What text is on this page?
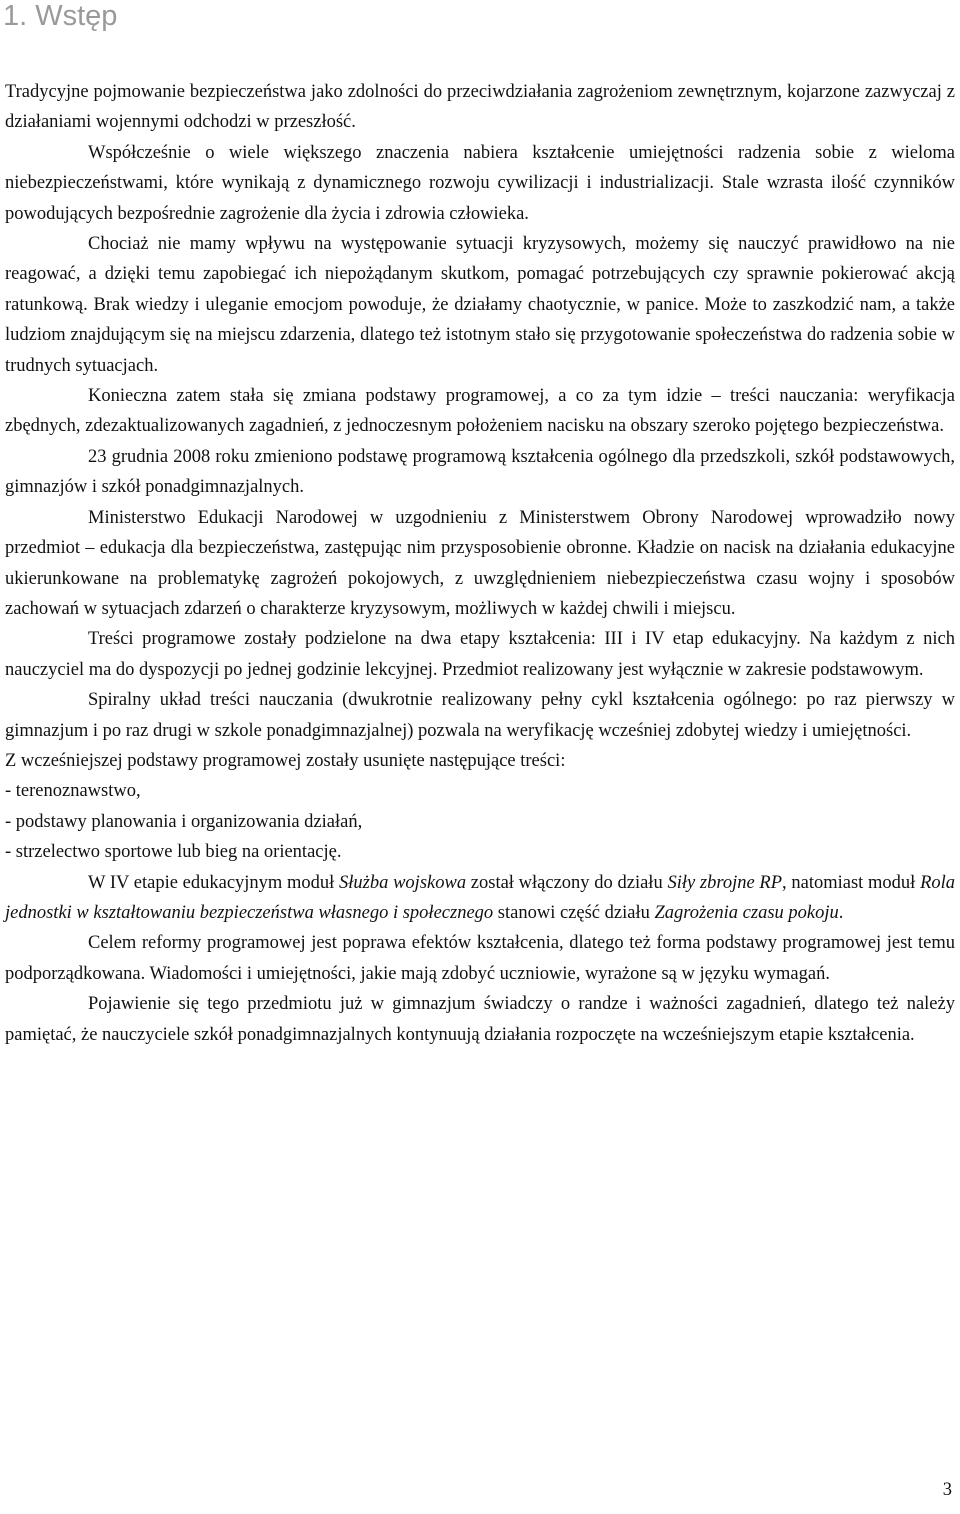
1. Wstęp

Tradycyjne pojmowanie bezpieczeństwa jako zdolności do przeciwdziałania zagrożeniom zewnętrznym, kojarzone zazwyczaj z działaniami wojennymi odchodzi w przeszłość.

Współcześnie o wiele większego znaczenia nabiera kształcenie umiejętności radzenia sobie z wieloma niebezpieczeństwami, które wynikają z dynamicznego rozwoju cywilizacji i industrializacji. Stale wzrasta ilość czynników powodujących bezpośrednie zagrożenie dla życia i zdrowia człowieka.

Chociaż nie mamy wpływu na występowanie sytuacji kryzysowych, możemy się nauczyć prawidłowo na nie reagować, a dzięki temu zapobiegać ich niepożądanym skutkom, pomagać potrzebujących czy sprawnie pokierować akcją ratunkową. Brak wiedzy i uleganie emocjom powoduje, że działamy chaotycznie, w panice. Może to zaszkodzić nam, a także ludziom znajdującym się na miejscu zdarzenia, dlatego też istotnym stało się przygotowanie społeczeństwa do radzenia sobie w trudnych sytuacjach.

Konieczna zatem stała się zmiana podstawy programowej, a co za tym idzie – treści nauczania: weryfikacja zbędnych, zdezaktualizowanych zagadnień, z jednoczesnym położeniem nacisku na obszary szeroko pojętego bezpieczeństwa.

23 grudnia 2008 roku zmieniono podstawę programową kształcenia ogólnego dla przedszkoli, szkół podstawowych, gimnazjów i szkół ponadgimnazjalnych.

Ministerstwo Edukacji Narodowej w uzgodnieniu z Ministerstwem Obrony Narodowej wprowadziło nowy przedmiot – edukacja dla bezpieczeństwa, zastępując nim przysposobienie obronne. Kładzie on nacisk na działania edukacyjne ukierunkowane na problematykę zagrożeń pokojowych, z uwzględnieniem niebezpieczeństwa czasu wojny i sposobów zachowań w sytuacjach zdarzeń o charakterze kryzysowym, możliwych w każdej chwili i miejscu.

Treści programowe zostały podzielone na dwa etapy kształcenia: III i IV etap edukacyjny. Na każdym z nich nauczyciel ma do dyspozycji po jednej godzinie lekcyjnej. Przedmiot realizowany jest wyłącznie w zakresie podstawowym.

Spiralny układ treści nauczania (dwukrotnie realizowany pełny cykl kształcenia ogólnego: po raz pierwszy w gimnazjum i po raz drugi w szkole ponadgimnazjalnej) pozwala na weryfikację wcześniej zdobytej wiedzy i umiejętności.

Z wcześniejszej podstawy programowej zostały usunięte następujące treści:

- terenoznawstwo,

- podstawy planowania i organizowania działań,

- strzelectwo sportowe lub bieg na orientację.

W IV etapie edukacyjnym moduł Służba wojskowa został włączony do działu Siły zbrojne RP, natomiast moduł Rola jednostki w kształtowaniu bezpieczeństwa własnego i społecznego stanowi część działu Zagrożenia czasu pokoju.

Celem reformy programowej jest poprawa efektów kształcenia, dlatego też forma podstawy programowej jest temu podporządkowana. Wiadomości i umiejętności, jakie mają zdobyć uczniowie, wyrażone są w języku wymagań.

Pojawienie się tego przedmiotu już w gimnazjum świadczy o randze i ważności zagadnień, dlatego też należy pamiętać, że nauczyciele szkół ponadgimnazjalnych kontynuują działania rozpoczęte na wcześniejszym etapie kształcenia.

3
